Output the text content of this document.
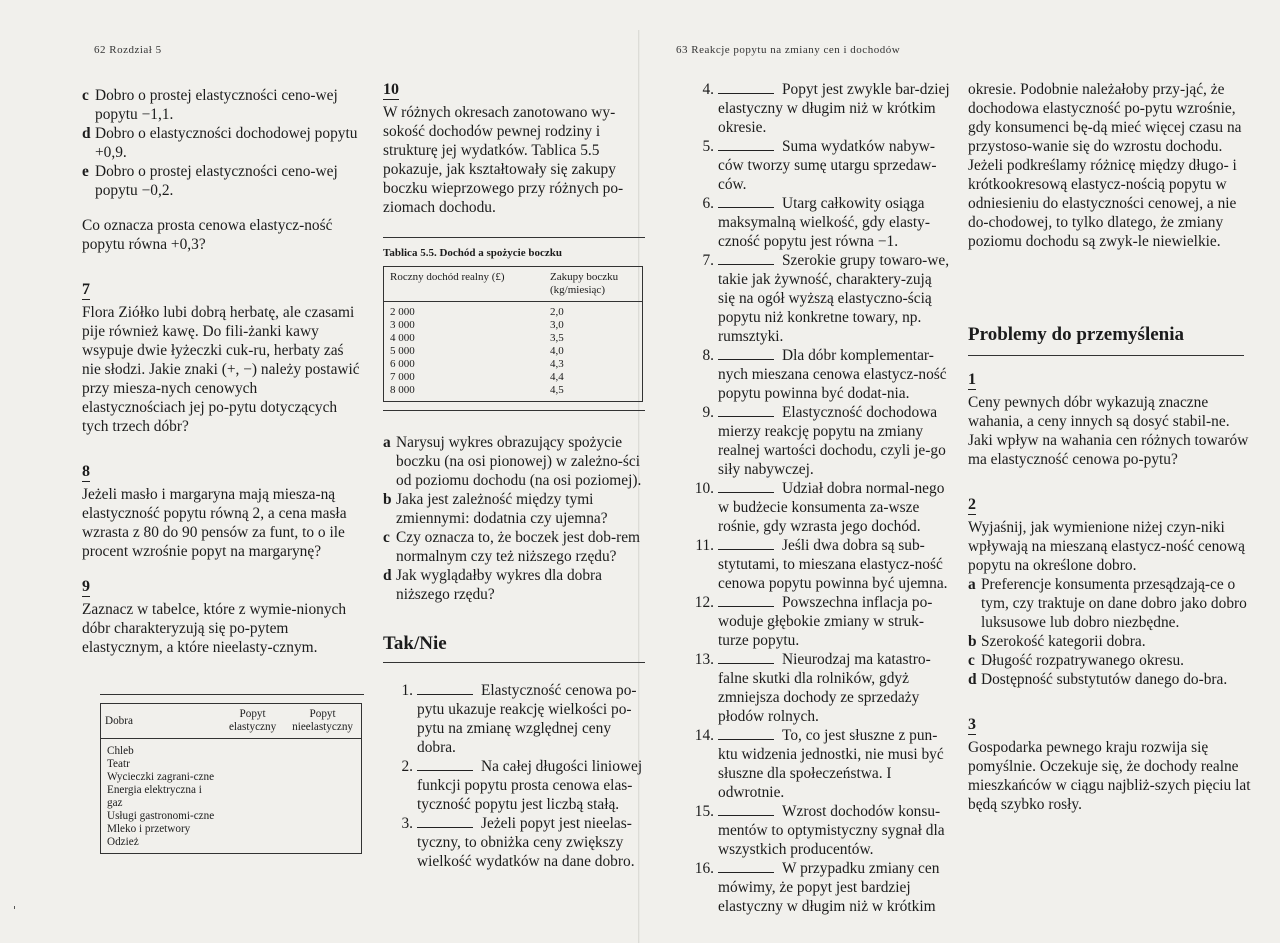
62 Rozdział 5

c Dobro o prostej elastyczności ceno-wej popytu −1,1.

d Dobro o elastyczności dochodowej popytu +0,9.

e Dobro o prostej elastyczności ceno-wej popytu −0,2.

Co oznacza prosta cenowa elastycz-ność popytu równa +0,3?

7

Flora Ziółko lubi dobrą herbatę, ale czasami pije również kawę. Do fili-żanki kawy wsypuje dwie łyżeczki cuk-ru, herbaty zaś nie słodzi. Jakie znaki (+, −) należy postawić przy miesza-nych cenowych elastycznościach jej po-pytu dotyczących tych trzech dóbr?

8

Jeżeli masło i margaryna mają miesza-ną elastyczność popytu równą 2, a cena masła wzrasta z 80 do 90 pensów za funt, to o ile procent wzrośnie popyt na margarynę?

9

Zaznacz w tabelce, które z wymie-nionych dóbr charakteryzują się po-pytem elastycznym, a które nieelasty-cznym.

Dobra	Popyt elastyczny	Popyt nieelastyczny
Chleb		
Teatr		
Wycieczki zagrani-czne		
Energia elektryczna i gaz		
Usługi gastronomi-czne		
Mleko i przetwory		
Odzież		
10

W różnych okresach zanotowano wy-sokość dochodów pewnej rodziny i strukturę jej wydatków. Tablica 5.5 pokazuje, jak kształtowały się zakupy boczku wieprzowego przy różnych po-ziomach dochodu.

Tablica 5.5. Dochód a spożycie boczku
Roczny dochód realny (£)	Zakupy boczku (kg/miesiąc)
2 000	2,0
3 000	3,0
4 000	3,5
5 000	4,0
6 000	4,3
7 000	4,4
8 000	4,5

a Narysuj wykres obrazujący spożycie boczku (na osi pionowej) w zależno-ści od poziomu dochodu (na osi poziomej).

b Jaka jest zależność między tymi zmiennymi: dodatnia czy ujemna?

c Czy oznacza to, że boczek jest dob-rem normalnym czy też niższego rzędu?

d Jak wyglądałby wykres dla dobra niższego rzędu?

Tak/Nie

1.	Elastyczność cenowa po-pytu ukazuje reakcję wielkości po-pytu na zmianę względnej ceny dobra.

2.	Na całej długości liniowej funkcji popytu prosta cenowa elas-tyczność popytu jest liczbą stałą.

3.	Jeżeli popyt jest nieelas-tyczny, to obniżka ceny zwiększy wielkość wydatków na dane dobro.

63 Reakcje popytu na zmiany cen i dochodów

4.	Popyt jest zwykle bar-dziej elastyczny w długim niż w krótkim okresie.

5.	Suma wydatków nabyw-ców tworzy sumę utargu sprzedaw-ców.

6.	Utarg całkowity osiąga maksymalną wielkość, gdy elasty-czność popytu jest równa −1.

7.	Szerokie grupy towaro-we, takie jak żywność, charaktery-zują się na ogół wyższą elastyczno-ścią popytu niż konkretne towary, np. rumsztyki.

8.	Dla dóbr komplementar-nych mieszana cenowa elastycz-ność popytu powinna być dodat-nia.

9.	Elastyczność dochodowa mierzy reakcję popytu na zmiany realnej wartości dochodu, czyli je-go siły nabywczej.

10.	Udział dobra normal-nego w budżecie konsumenta za-wsze rośnie, gdy wzrasta jego dochód.

11.	Jeśli dwa dobra są sub-stytutami, to mieszana elastycz-ność cenowa popytu powinna być ujemna.

12.	Powszechna inflacja po-woduje głębokie zmiany w struk-turze popytu.

13.	Nieurodzaj ma katastro-falne skutki dla rolników, gdyż zmniejsza dochody ze sprzedaży płodów rolnych.

14.	To, co jest słuszne z pun-ktu widzenia jednostki, nie musi być słuszne dla społeczeństwa. I odwrotnie.

15.	Wzrost dochodów konsu-mentów to optymistyczny sygnał dla wszystkich producentów.

16.	W przypadku zmiany cen mówimy, że popyt jest bardziej elastyczny w długim niż w krótkim

okresie. Podobnie należałoby przy-jąć, że dochodowa elastyczność po-pytu wzrośnie, gdy konsumenci bę-dą mieć więcej czasu na przystoso-wanie się do wzrostu dochodu. Jeżeli podkreślamy różnicę między długo- i krótkookresową elastycz-nością popytu w odniesieniu do elastyczności cenowej, a nie do-chodowej, to tylko dlatego, że zmiany poziomu dochodu są zwyk-le niewielkie.

Problemy do przemyślenia
1

Ceny pewnych dóbr wykazują znaczne wahania, a ceny innych są dosyć stabil-ne. Jaki wpływ na wahania cen różnych towarów ma elastyczność cenowa po-pytu?

2

Wyjaśnij, jak wymienione niżej czyn-niki wpływają na mieszaną elastycz-ność cenową popytu na określone dobro.

a Preferencje konsumenta przesądzają-ce o tym, czy traktuje on dane dobro jako dobro luksusowe lub dobro niezbędne.

b Szerokość kategorii dobra.

c Długość rozpatrywanego okresu.

d Dostępność substytutów danego do-bra.

3

Gospodarka pewnego kraju rozwija się pomyślnie. Oczekuje się, że dochody realne mieszkańców w ciągu najbliż-szych pięciu lat będą szybko rosły.
